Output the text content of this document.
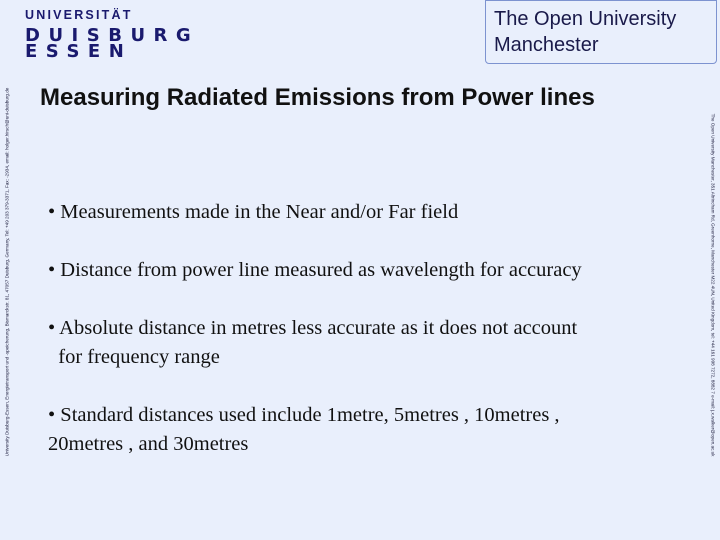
UNIVERSITÄT
DUISBURG
ESSEN
The Open University
Manchester
University Duisburg-Essen, Energietransport und -speicherung, Bismarckstr. 81, 47057 Duisburg, Germany, Tel: +49 203 379-3371, Fax: -2934, email: holger.hirsch@uni-duisburg.de	The Open University Manchester, 351 Altrincham Rd, Greenhorne, Manchester M22 4UN, United Kingdom, tel: +44 161 998 7272, 8882 7 e-mail: j.x.walker@open.ac.uk
Measuring Radiated Emissions from Power lines
• Measurements made in the Near and/or Far field
• Distance from power line measured as wavelength for accuracy
• Absolute distance in metres less accurate as it does not account
for frequency range
• Standard distances used include 1metre, 5metres , 10metres ,
20metres , and 30metres
